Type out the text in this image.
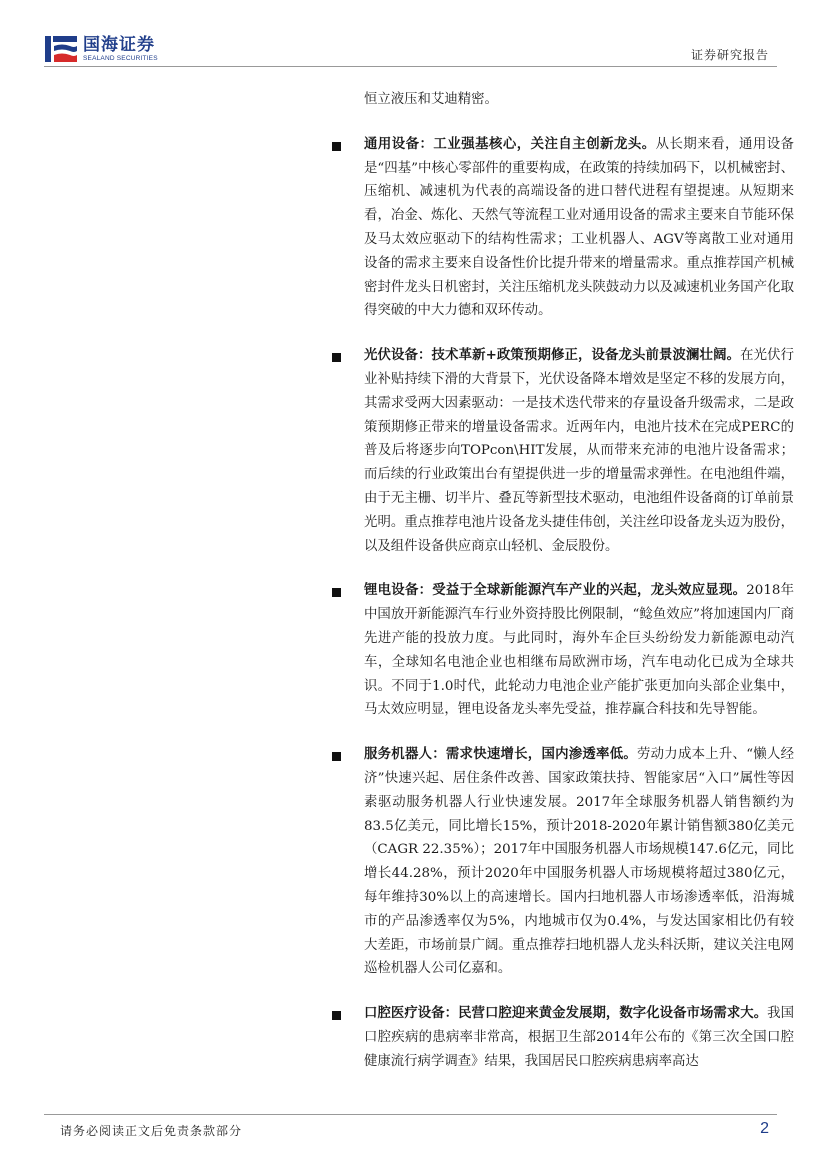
国海证券
SEALAND SECURITIES	证券研究报告

恒立液压和艾迪精密。

通用设备：工业强基核心，关注自主创新龙头。从长期来看，通用设备是“四基”中核心零部件的重要构成，在政策的持续加码下，以机械密封、压缩机、减速机为代表的高端设备的进口替代进程有望提速。从短期来看，冶金、炼化、天然气等流程工业对通用设备的需求主要来自节能环保及马太效应驱动下的结构性需求；工业机器人、AGV等离散工业对通用设备的需求主要来自设备性价比提升带来的增量需求。重点推荐国产机械密封件龙头日机密封，关注压缩机龙头陕鼓动力以及减速机业务国产化取得突破的中大力德和双环传动。

光伏设备：技术革新+政策预期修正，设备龙头前景波澜壮阔。在光伏行业补贴持续下滑的大背景下，光伏设备降本增效是坚定不移的发展方向，其需求受两大因素驱动：一是技术迭代带来的存量设备升级需求，二是政策预期修正带来的增量设备需求。近两年内，电池片技术在完成PERC的普及后将逐步向TOPcon\HIT发展，从而带来充沛的电池片设备需求；而后续的行业政策出台有望提供进一步的增量需求弹性。在电池组件端，由于无主栅、切半片、叠瓦等新型技术驱动，电池组件设备商的订单前景光明。重点推荐电池片设备龙头捷佳伟创，关注丝印设备龙头迈为股份，以及组件设备供应商京山轻机、金辰股份。

锂电设备：受益于全球新能源汽车产业的兴起，龙头效应显现。2018年中国放开新能源汽车行业外资持股比例限制，“鲶鱼效应”将加速国内厂商先进产能的投放力度。与此同时，海外车企巨头纷纷发力新能源电动汽车，全球知名电池企业也相继布局欧洲市场，汽车电动化已成为全球共识。不同于1.0时代，此轮动力电池企业产能扩张更加向头部企业集中，马太效应明显，锂电设备龙头率先受益，推荐赢合科技和先导智能。

服务机器人：需求快速增长，国内渗透率低。劳动力成本上升、“懒人经济”快速兴起、居住条件改善、国家政策扶持、智能家居“入口”属性等因素驱动服务机器人行业快速发展。2017年全球服务机器人销售额约为83.5亿美元，同比增长15%，预计2018-2020年累计销售额380亿美元（CAGR 22.35%）；2017年中国服务机器人市场规模147.6亿元，同比增长44.28%，预计2020年中国服务机器人市场规模将超过380亿元，每年维持30%以上的高速增长。国内扫地机器人市场渗透率低，沿海城市的产品渗透率仅为5%，内地城市仅为0.4%，与发达国家相比仍有较大差距，市场前景广阔。重点推荐扫地机器人龙头科沃斯，建议关注电网巡检机器人公司亿嘉和。

口腔医疗设备：民营口腔迎来黄金发展期，数字化设备市场需求大。我国口腔疾病的患病率非常高，根据卫生部2014年公布的《第三次全国口腔健康流行病学调查》结果，我国居民口腔疾病患病率高达

请务必阅读正文后免责条款部分	2
